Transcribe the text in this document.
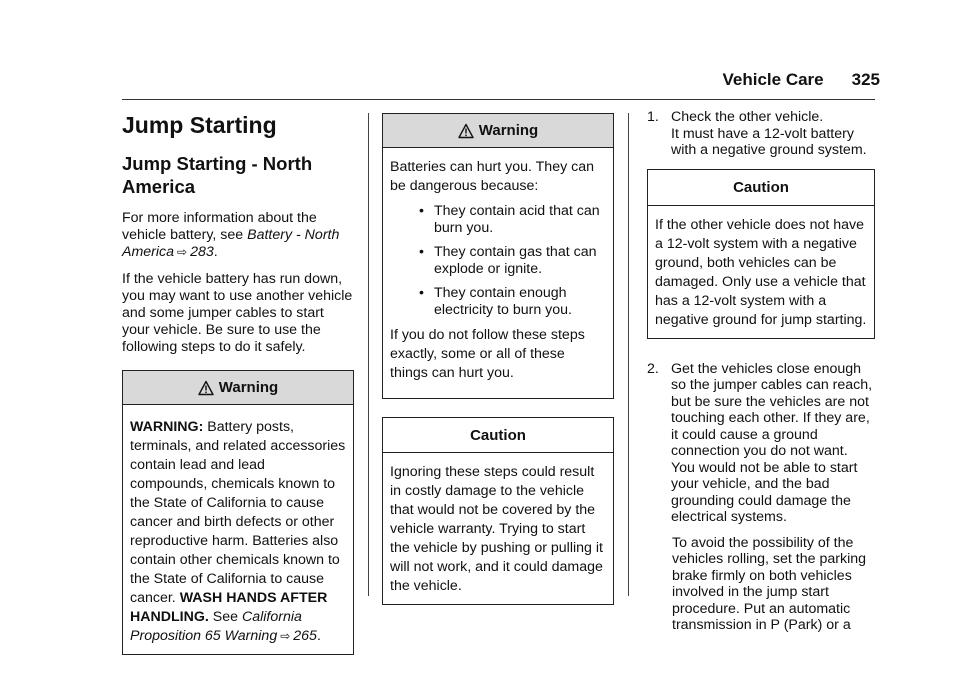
Vehicle Care 325
Jump Starting
Jump Starting - North America

For more information about the vehicle battery, see Battery - North America ⇨ 283.

If the vehicle battery has run down, you may want to use another vehicle and some jumper cables to start your vehicle. Be sure to use the following steps to do it safely.

Warning
WARNING: Battery posts, terminals, and related accessories contain lead and lead compounds, chemicals known to the State of California to cause cancer and birth defects or other reproductive harm. Batteries also contain other chemicals known to the State of California to cause cancer. WASH HANDS AFTER HANDLING. See California Proposition 65 Warning ⇨ 265.
Warning

Batteries can hurt you. They can be dangerous because:

• They contain acid that can burn you.
• They contain gas that can explode or ignite.
• They contain enough electricity to burn you.

If you do not follow these steps exactly, some or all of these things can hurt you.

Caution
Ignoring these steps could result in costly damage to the vehicle that would not be covered by the vehicle warranty. Trying to start the vehicle by pushing or pulling it will not work, and it could damage the vehicle.
1. Check the other vehicle.
It must have a 12-volt battery with a negative ground system.
Caution
If the other vehicle does not have a 12-volt system with a negative ground, both vehicles can be damaged. Only use a vehicle that has a 12-volt system with a negative ground for jump starting.
2. Get the vehicles close enough so the jumper cables can reach, but be sure the vehicles are not touching each other. If they are, it could cause a ground connection you do not want. You would not be able to start your vehicle, and the bad grounding could damage the electrical systems.
To avoid the possibility of the vehicles rolling, set the parking brake firmly on both vehicles involved in the jump start procedure. Put an automatic transmission in P (Park) or a
